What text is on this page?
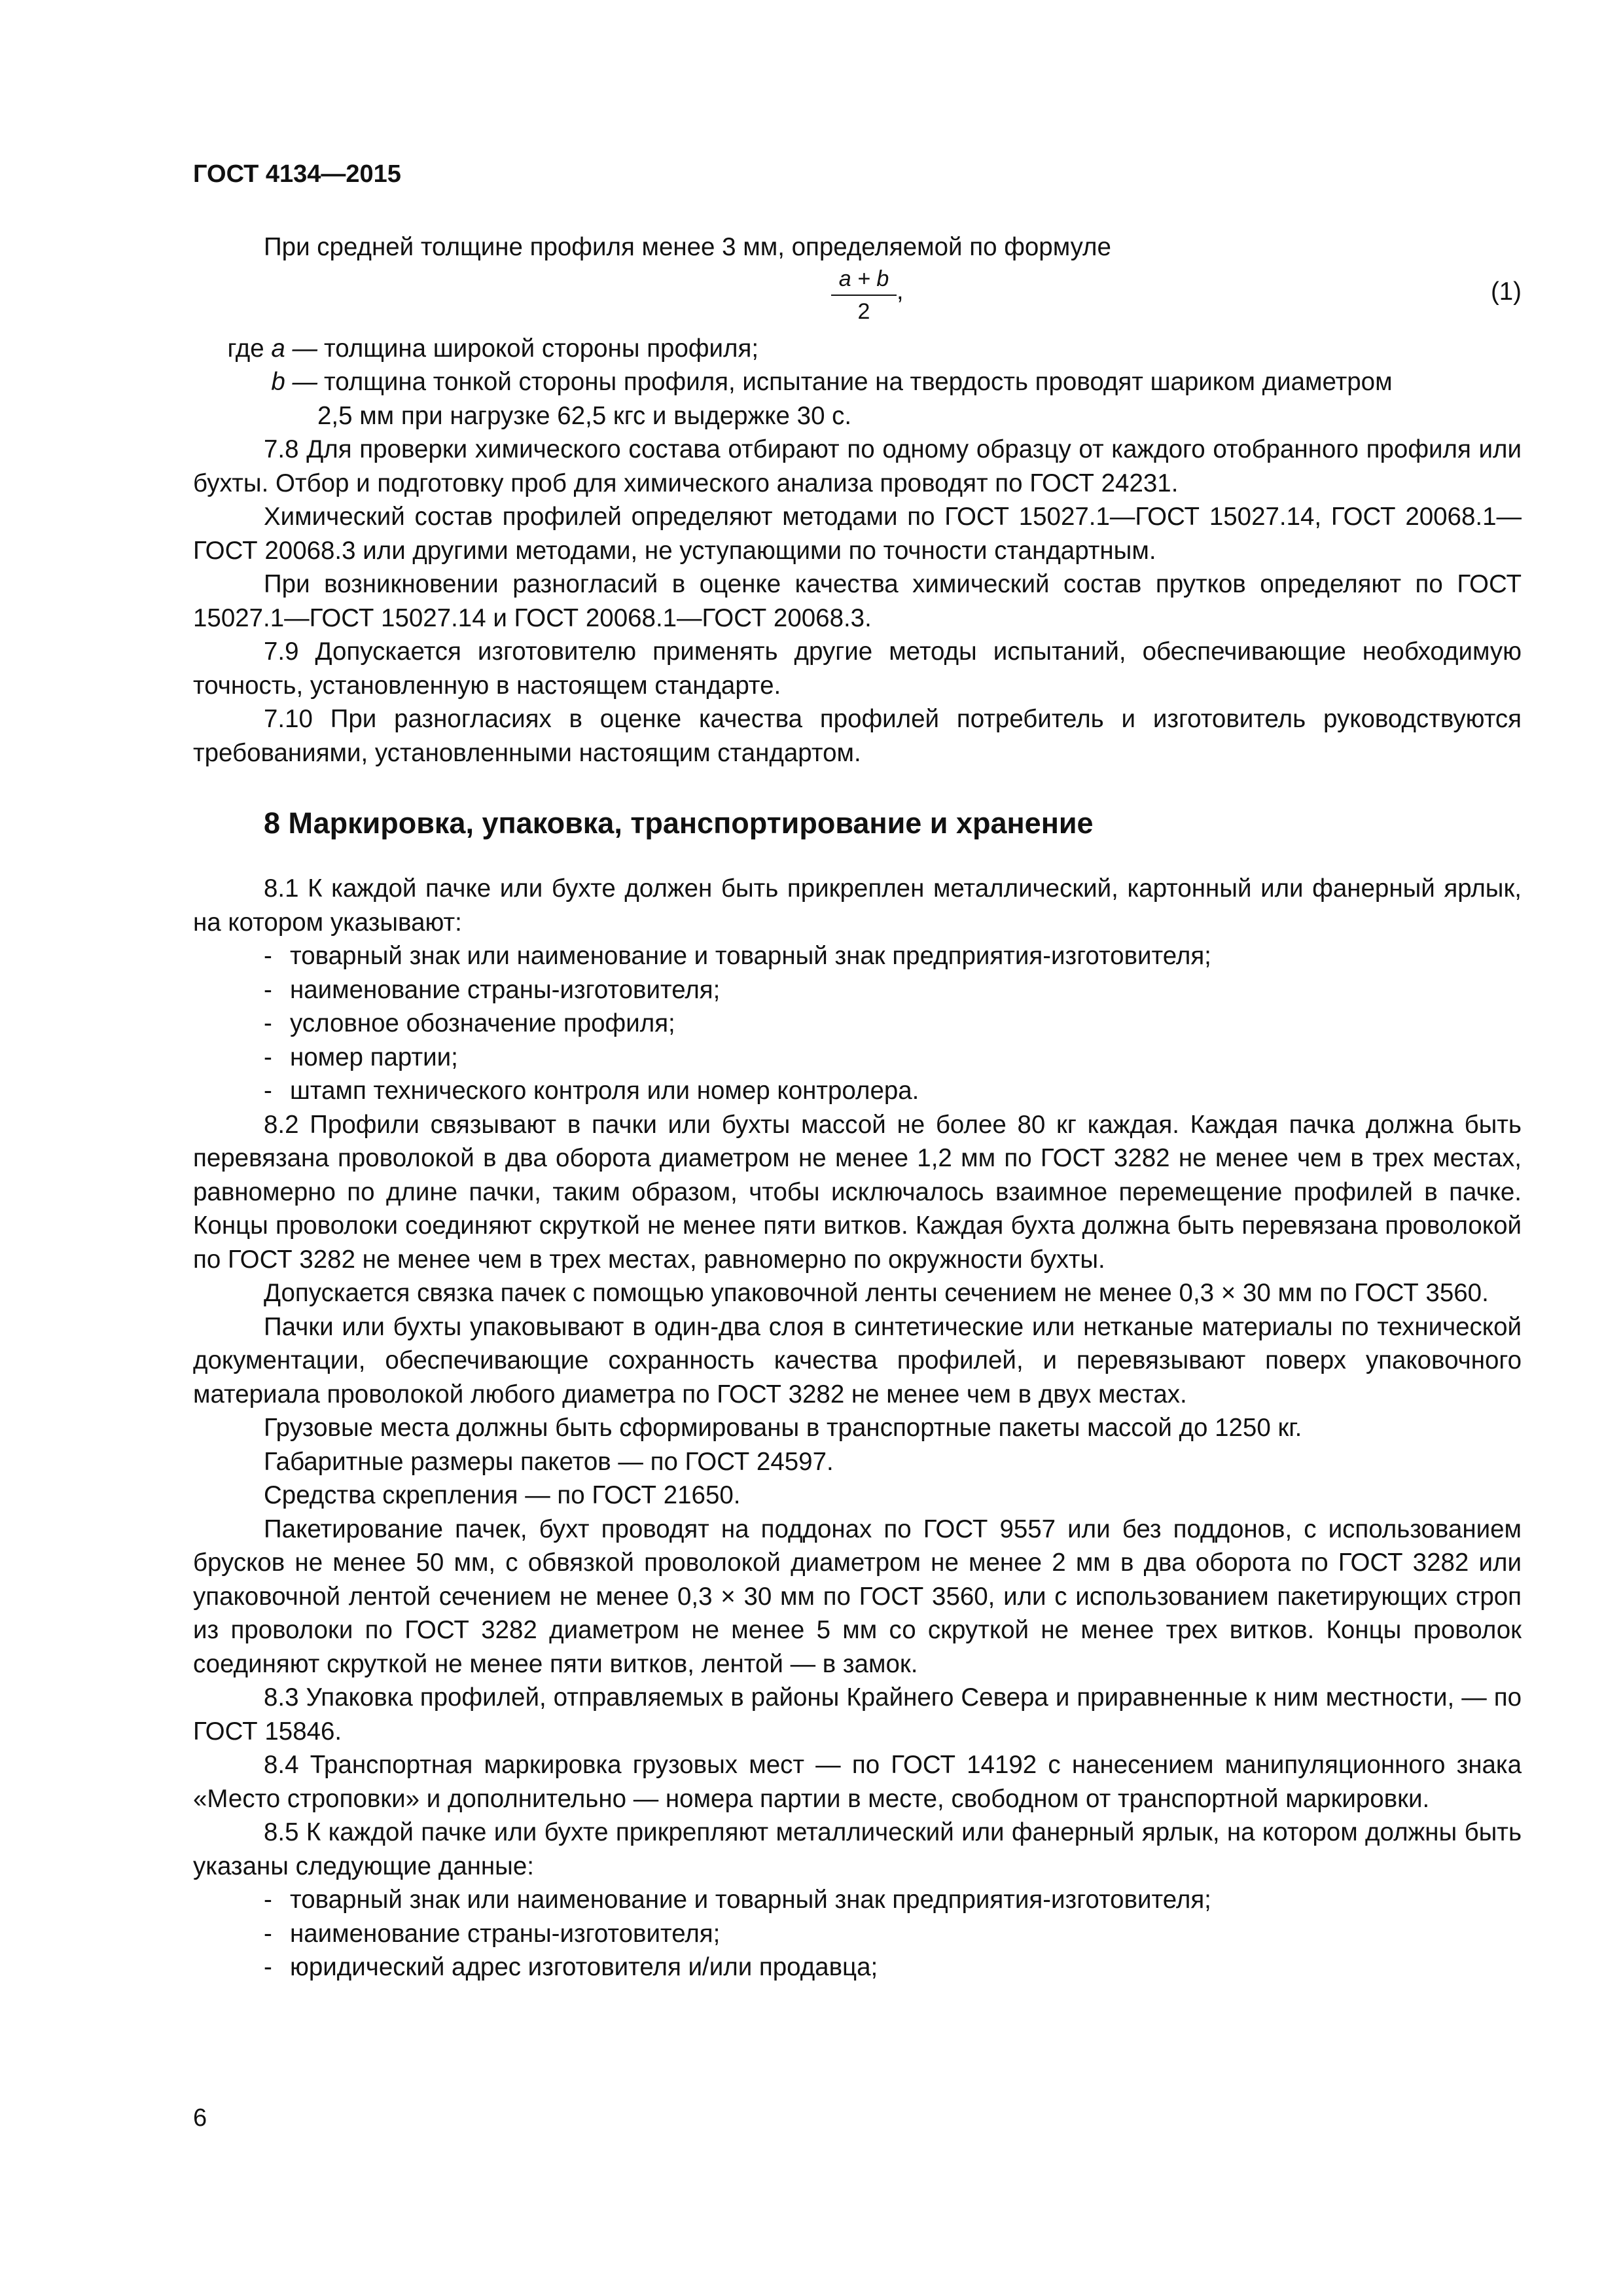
ГОСТ 4134—2015

При средней толщине профиля менее 3 мм, определяемой по формуле

$\frac{a + b}{2}$
,	(1)
где a — толщина широкой стороны профиля;
b — толщина тонкой стороны профиля, испытание на твердость проводят шариком диаметром

2,5 мм при нагрузке 62,5 кгс и выдержке 30 с.

7.8 Для проверки химического состава отбирают по одному образцу от каждого отобранного профиля или бухты. Отбор и подготовку проб для химического анализа проводят по ГОСТ 24231.

Химический состав профилей определяют методами по ГОСТ 15027.1—ГОСТ 15027.14, ГОСТ 20068.1—ГОСТ 20068.3 или другими методами, не уступающими по точности стандартным.

При возникновении разногласий в оценке качества химический состав прутков определяют по ГОСТ 15027.1—ГОСТ 15027.14 и ГОСТ 20068.1—ГОСТ 20068.3.

7.9 Допускается изготовителю применять другие методы испытаний, обеспечивающие необходимую точность, установленную в настоящем стандарте.

7.10 При разногласиях в оценке качества профилей потребитель и изготовитель руководствуются требованиями, установленными настоящим стандартом.

8 Маркировка, упаковка, транспортирование и хранение

8.1 К каждой пачке или бухте должен быть прикреплен металлический, картонный или фанерный ярлык, на котором указывают:

- товарный знак или наименование и товарный знак предприятия-изготовителя;

- наименование страны-изготовителя;

- условное обозначение профиля;

- номер партии;

- штамп технического контроля или номер контролера.

8.2 Профили связывают в пачки или бухты массой не более 80 кг каждая. Каждая пачка должна быть перевязана проволокой в два оборота диаметром не менее 1,2 мм по ГОСТ 3282 не менее чем в трех местах, равномерно по длине пачки, таким образом, чтобы исключалось взаимное перемещение профилей в пачке. Концы проволоки соединяют скруткой не менее пяти витков. Каждая бухта должна быть перевязана проволокой по ГОСТ 3282 не менее чем в трех местах, равномерно по окружности бухты.

Допускается связка пачек с помощью упаковочной ленты сечением не менее 0,3 × 30 мм по ГОСТ 3560.

Пачки или бухты упаковывают в один-два слоя в синтетические или нетканые материалы по технической документации, обеспечивающие сохранность качества профилей, и перевязывают поверх упаковочного материала проволокой любого диаметра по ГОСТ 3282 не менее чем в двух местах.

Грузовые места должны быть сформированы в транспортные пакеты массой до 1250 кг.

Габаритные размеры пакетов — по ГОСТ 24597.

Средства скрепления — по ГОСТ 21650.

Пакетирование пачек, бухт проводят на поддонах по ГОСТ 9557 или без поддонов, с использованием брусков не менее 50 мм, с обвязкой проволокой диаметром не менее 2 мм в два оборота по ГОСТ 3282 или упаковочной лентой сечением не менее 0,3 × 30 мм по ГОСТ 3560, или с использованием пакетирующих строп из проволоки по ГОСТ 3282 диаметром не менее 5 мм со скруткой не менее трех витков. Концы проволок соединяют скруткой не менее пяти витков, лентой — в замок.

8.3 Упаковка профилей, отправляемых в районы Крайнего Севера и приравненные к ним местности, — по ГОСТ 15846.

8.4 Транспортная маркировка грузовых мест — по ГОСТ 14192 с нанесением манипуляционного знака «Место строповки» и дополнительно — номера партии в месте, свободном от транспортной маркировки.

8.5 К каждой пачке или бухте прикрепляют металлический или фанерный ярлык, на котором должны быть указаны следующие данные:

- товарный знак или наименование и товарный знак предприятия-изготовителя;

- наименование страны-изготовителя;

- юридический адрес изготовителя и/или продавца;

6
